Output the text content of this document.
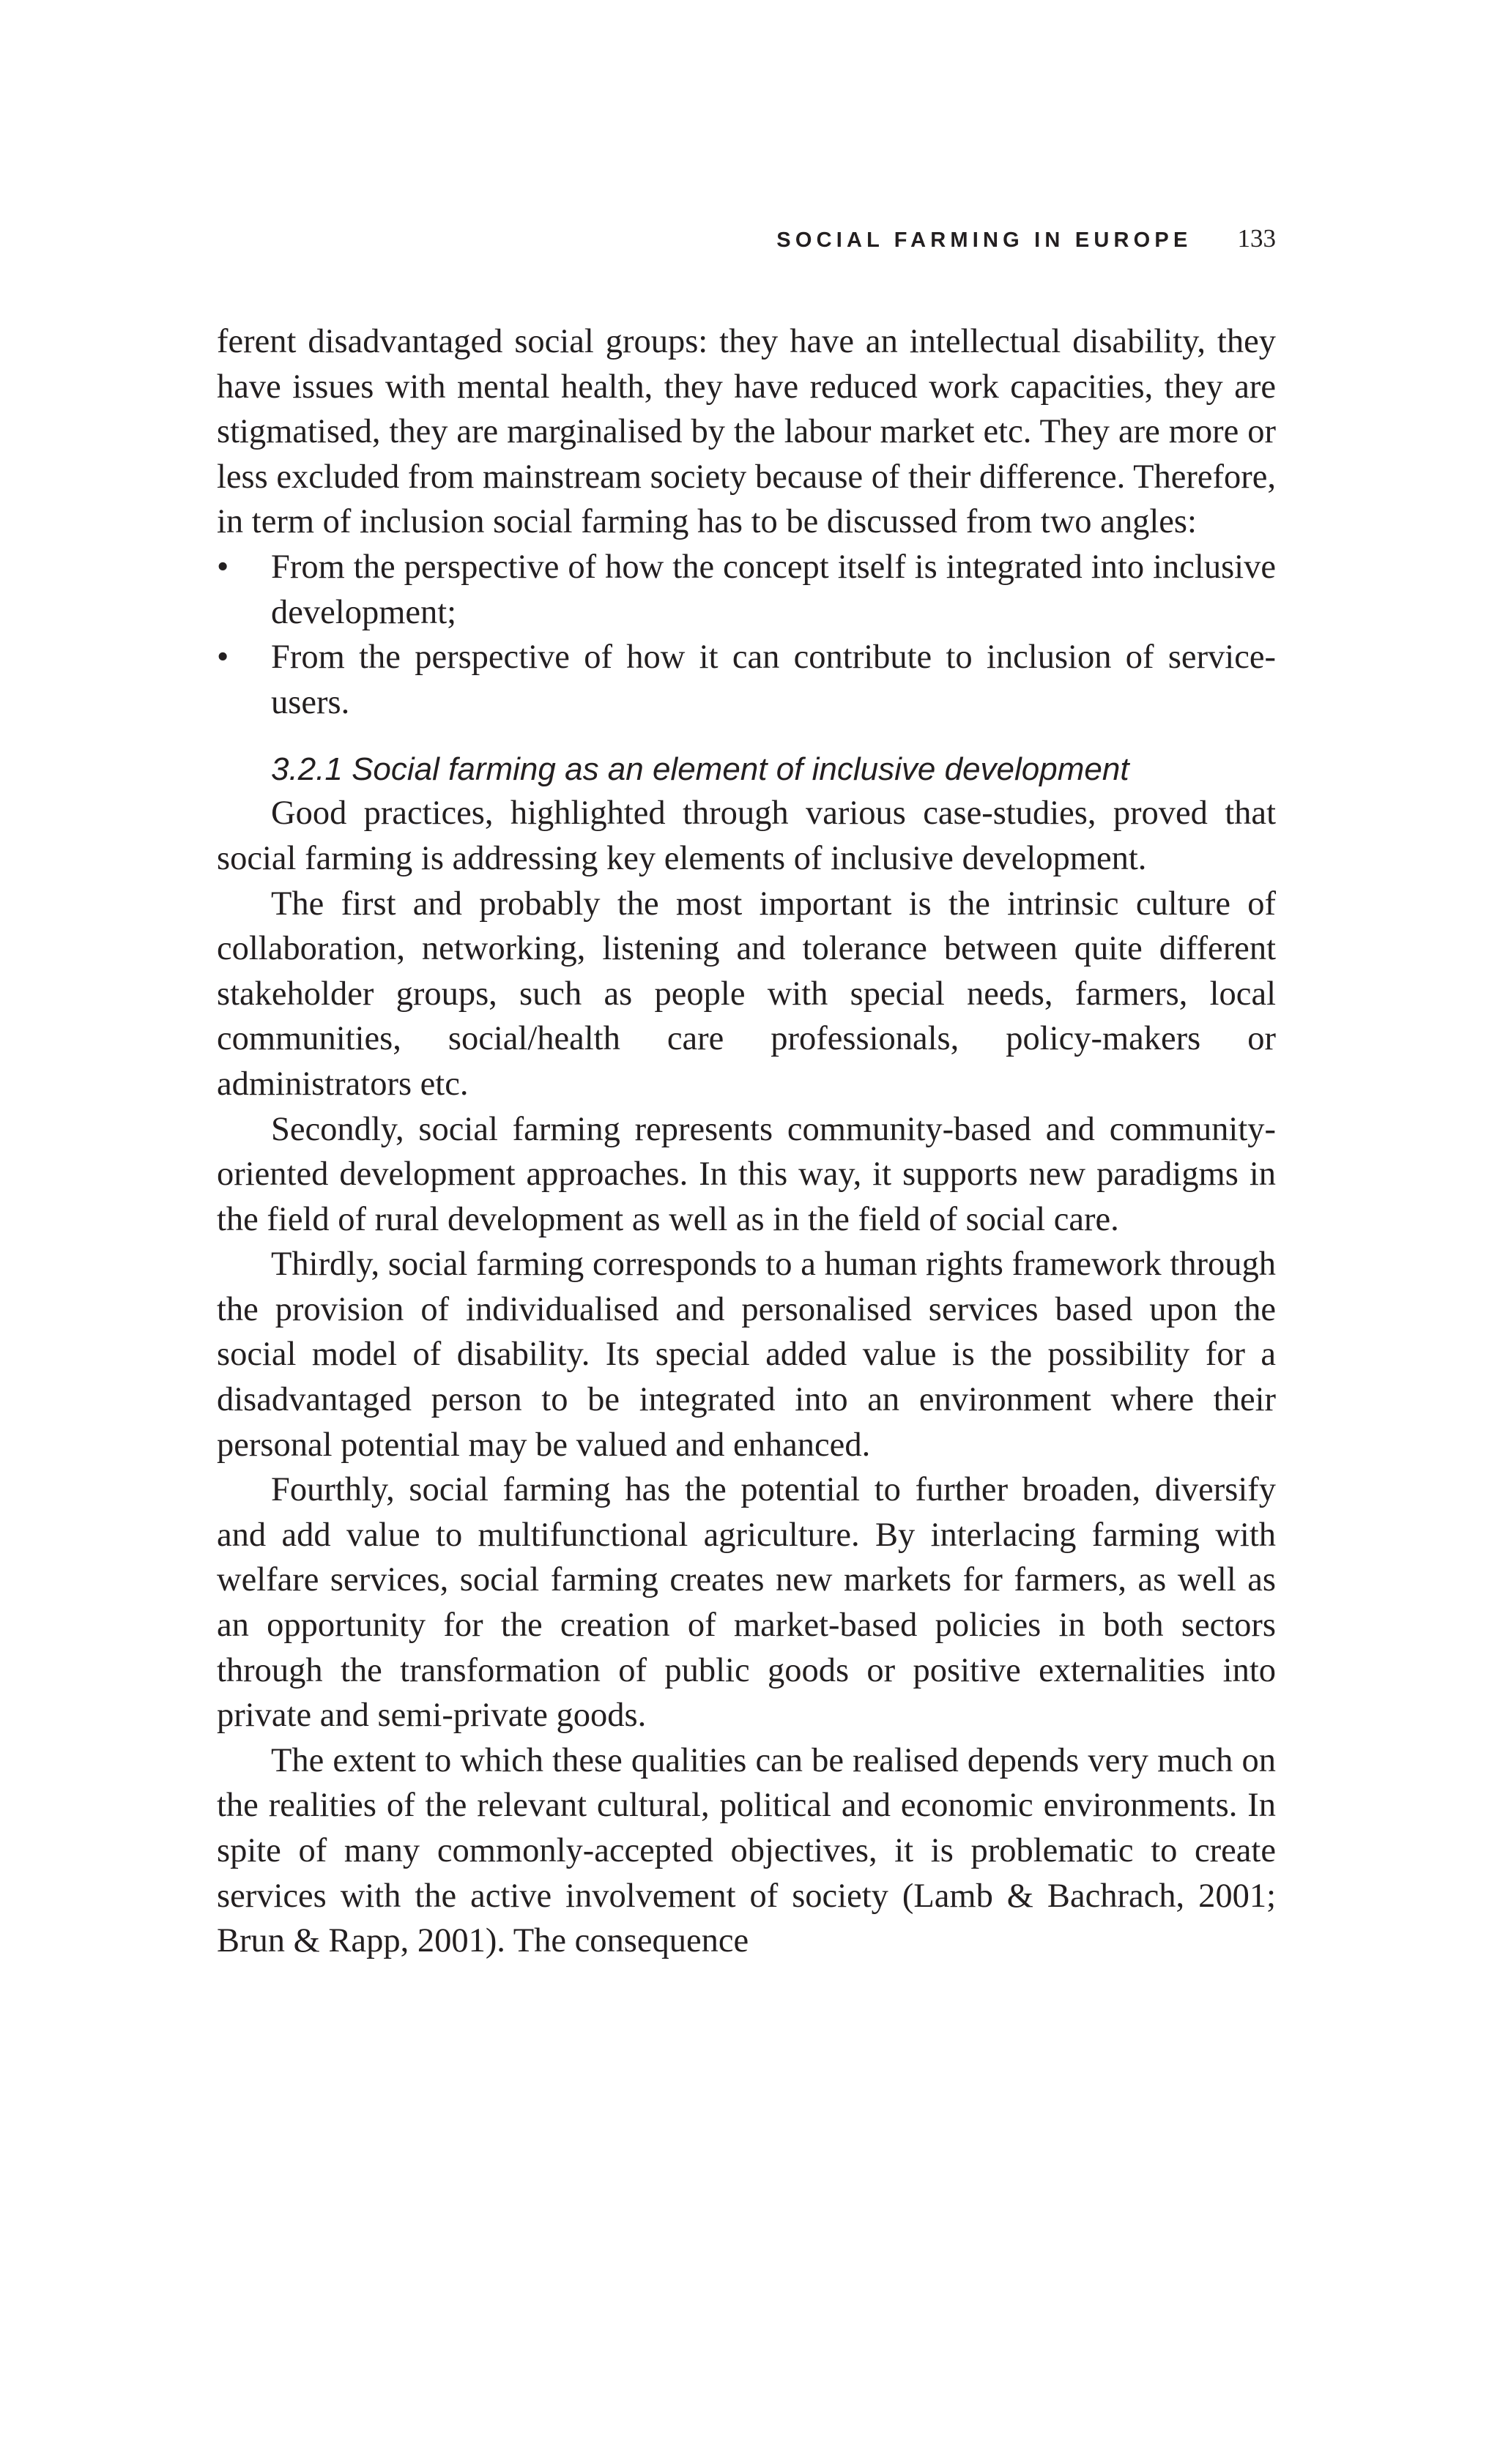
SOCIAL FARMING IN EUROPE 133

ferent disadvantaged social groups: they have an intellectual disability, they have issues with mental health, they have reduced work capacities, they are stigmatised, they are marginalised by the labour market etc. They are more or less excluded from mainstream society because of their difference. Therefore, in term of inclusion social farming has to be discussed from two angles:

• From the perspective of how the concept itself is integrated into inclusive development;
• From the perspective of how it can contribute to inclusion of service-users.
3.2.1 Social farming as an element of inclusive development

Good practices, highlighted through various case-studies, proved that social farming is addressing key elements of inclusive development.

The first and probably the most important is the intrinsic culture of collaboration, networking, listening and tolerance between quite different stakeholder groups, such as people with special needs, farmers, local communities, social/health care professionals, policy-makers or administrators etc.

Secondly, social farming represents community-based and community-oriented development approaches. In this way, it supports new paradigms in the field of rural development as well as in the field of social care.

Thirdly, social farming corresponds to a human rights framework through the provision of individualised and personalised services based upon the social model of disability. Its special added value is the possibility for a disadvantaged person to be integrated into an environment where their personal potential may be valued and enhanced.

Fourthly, social farming has the potential to further broaden, diversify and add value to multifunctional agriculture. By interlacing farming with welfare services, social farming creates new markets for farmers, as well as an opportunity for the creation of market-based policies in both sectors through the transformation of public goods or positive externalities into private and semi-private goods.

The extent to which these qualities can be realised depends very much on the realities of the relevant cultural, political and economic environments. In spite of many commonly-accepted objectives, it is problematic to create services with the active involvement of society (Lamb & Bachrach, 2001; Brun & Rapp, 2001). The consequence
